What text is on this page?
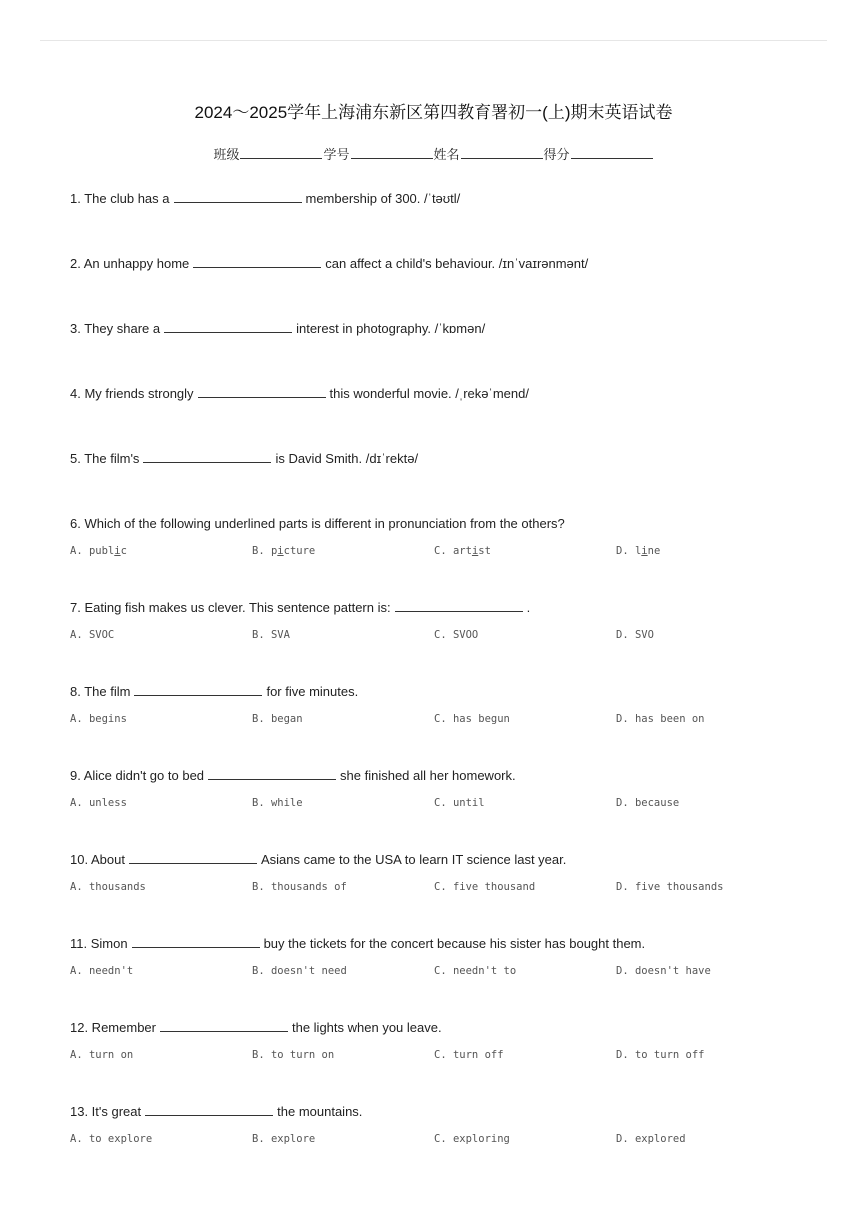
2024～2025学年上海浦东新区第四教育署初一(上)期末英语试卷
班级	学号	姓名	得分
1. The club has a	membership of 300. /ˈtəʊtl/
2. An unhappy home	can affect a child's behaviour. /ɪnˈvaɪrənmənt/
3. They share a	interest in photography. /ˈkɒmən/
4. My friends strongly	this wonderful movie. /ˌrekəˈmend/
5. The film's	is David Smith. /dɪˈrektə/
6. Which of the following underlined parts is different in pronunciation from the others?
A. public	B. picture	C. artist	D. line
7. Eating fish makes us clever. This sentence pattern is:	.
A. SVOC	B. SVA	C. SVOO	D. SVO
8. The film	for five minutes.
A. begins	B. began	C. has begun	D. has been on
9. Alice didn't go to bed	she finished all her homework.
A. unless	B. while	C. until	D. because
10. About	Asians came to the USA to learn IT science last year.
A. thousands	B. thousands of	C. five thousand	D. five thousands
11. Simon	buy the tickets for the concert because his sister has bought them.
A. needn't	B. doesn't need	C. needn't to	D. doesn't have
12. Remember	the lights when you leave.
A. turn on	B. to turn on	C. turn off	D. to turn off
13. It's great	the mountains.
A. to explore	B. explore	C. exploring	D. explored
